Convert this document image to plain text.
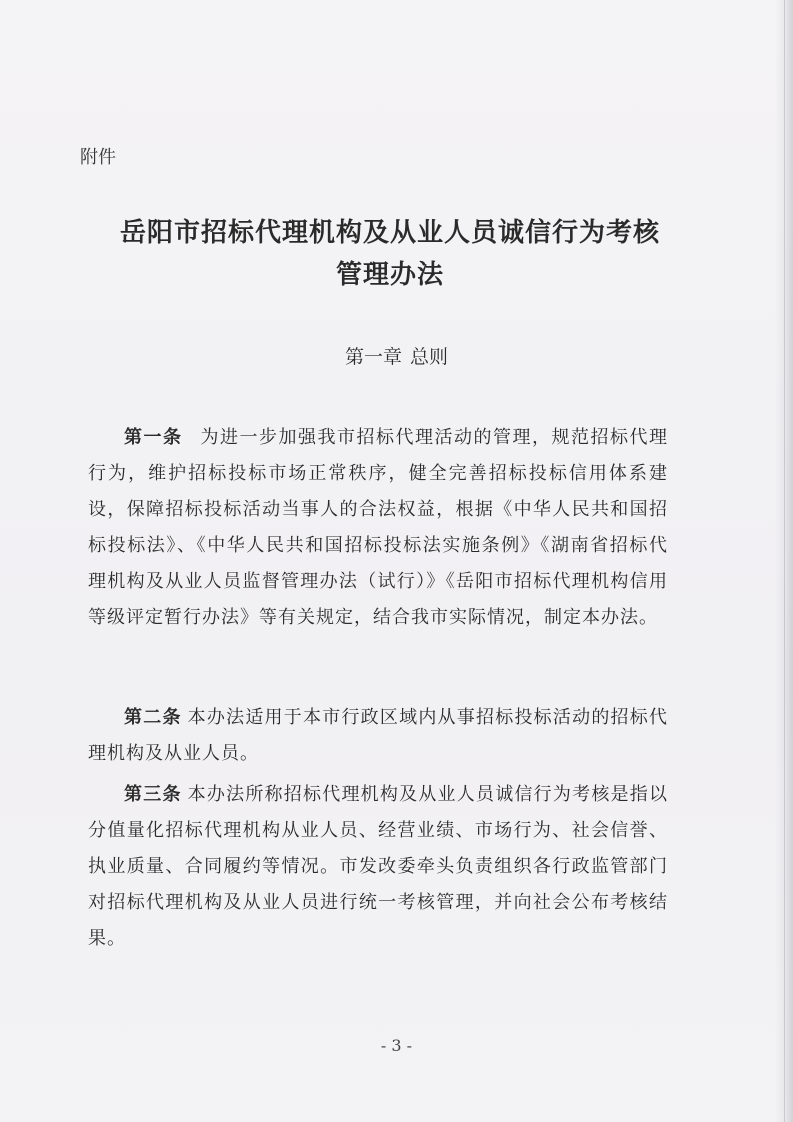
附件
岳阳市招标代理机构及从业人员诚信行为考核
管理办法
第一章 总则
第一条 为进一步加强我市招标代理活动的管理，规范招标代理行为，维护招标投标市场正常秩序，健全完善招标投标信用体系建设，保障招标投标活动当事人的合法权益，根据《中华人民共和国招标投标法》、《中华人民共和国招标投标法实施条例》《湖南省招标代理机构及从业人员监督管理办法（试行）》《岳阳市招标代理机构信用等级评定暂行办法》等有关规定，结合我市实际情况，制定本办法。
第二条 本办法适用于本市行政区域内从事招标投标活动的招标代理机构及从业人员。
第三条 本办法所称招标代理机构及从业人员诚信行为考核是指以分值量化招标代理机构从业人员、经营业绩、市场行为、社会信誉、执业质量、合同履约等情况。市发改委牵头负责组织各行政监管部门对招标代理机构及从业人员进行统一考核管理，并向社会公布考核结果。
- 3 -
